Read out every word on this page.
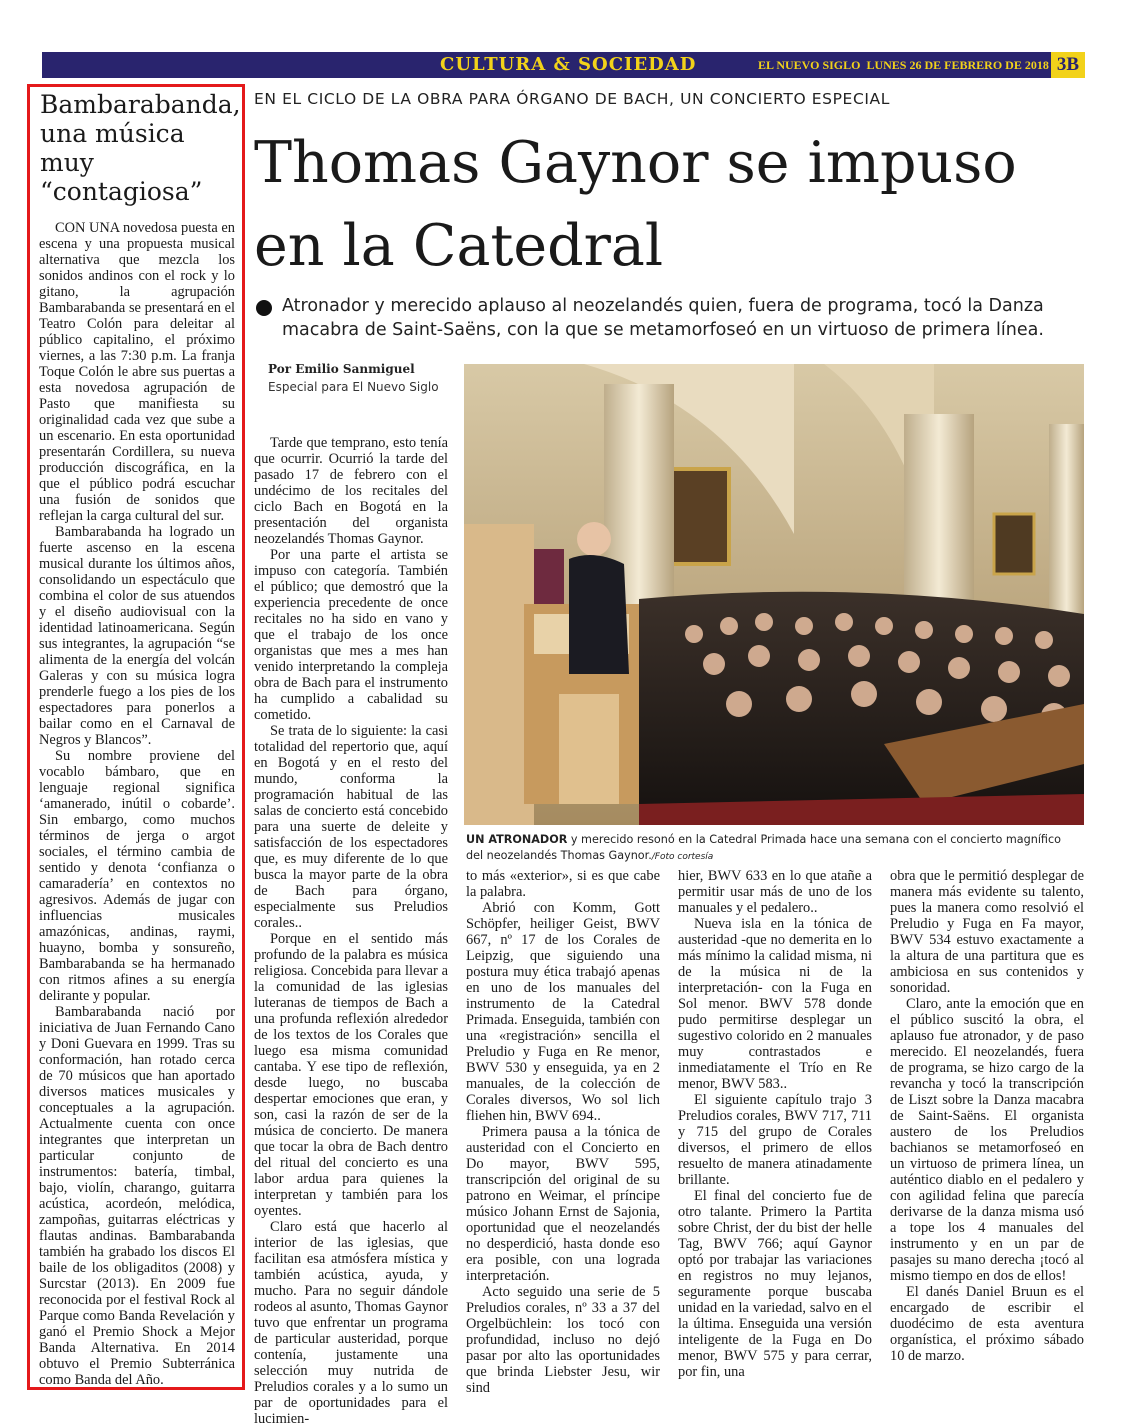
CULTURA & SOCIEDAD	EL NUEVO SIGLO LUNES 26 DE FEBRERO DE 2018 3B
Bambarabanda, una música muy “contagiosa”

CON UNA novedosa puesta en escena y una propuesta musical alternativa que mezcla los sonidos andinos con el rock y lo gitano, la agrupación Bambarabanda se presentará en el Teatro Colón para deleitar al público capitalino, el próximo viernes, a las 7:30 p.m. La franja Toque Colón le abre sus puertas a esta novedosa agrupación de Pasto que manifiesta su originalidad cada vez que sube a un escenario. En esta oportunidad presentarán Cordillera, su nueva producción discográfica, en la que el público podrá escuchar una fusión de sonidos que reflejan la carga cultural del sur.

Bambarabanda ha logrado un fuerte ascenso en la escena musical durante los últimos años, consolidando un espectáculo que combina el color de sus atuendos y el diseño audiovisual con la identidad latinoamericana. Según sus integrantes, la agrupación “se alimenta de la energía del volcán Galeras y con su música logra prenderle fuego a los pies de los espectadores para ponerlos a bailar como en el Carnaval de Negros y Blancos”.

Su nombre proviene del vocablo bámbaro, que en lenguaje regional significa ‘amanerado, inútil o cobarde’. Sin embargo, como muchos términos de jerga o argot sociales, el término cambia de sentido y denota ‘confianza o camaradería’ en contextos no agresivos. Además de jugar con influencias musicales amazónicas, andinas, raymi, huayno, bomba y sonsureño, Bambarabanda se ha hermanado con ritmos afines a su energía delirante y popular.

Bambarabanda nació por iniciativa de Juan Fernando Cano y Doni Guevara en 1999. Tras su conformación, han rotado cerca de 70 músicos que han aportado diversos matices musicales y conceptuales a la agrupación. Actualmente cuenta con once integrantes que interpretan un particular conjunto de instrumentos: batería, timbal, bajo, violín, charango, guitarra acústica, acordeón, melódica, zampoñas, guitarras eléctricas y flautas andinas. Bambarabanda también ha grabado los discos El baile de los obligaditos (2008) y Surcstar (2013). En 2009 fue reconocida por el festival Rock al Parque como Banda Revelación y ganó el Premio Shock a Mejor Banda Alternativa. En 2014 obtuvo el Premio Subterránica como Banda del Año.

EN EL CICLO DE LA OBRA PARA ÓRGANO DE BACH, UN CONCIERTO ESPECIAL
Thomas Gaynor se impuso en la Catedral
Atronador y merecido aplauso al neozelandés quien, fuera de programa, tocó la Danza macabra de Saint-Saëns, con la que se metamorfoseó en un virtuoso de primera línea.
Por Emilio Sanmiguel
Especial para El Nuevo Siglo
UN ATRONADOR y merecido resonó en la Catedral Primada hace una semana con el concierto magnífico del neozelandés Thomas Gaynor./Foto cortesía

Tarde que temprano, esto tenía que ocurrir. Ocurrió la tarde del pasado 17 de febrero con el undécimo de los recitales del ciclo Bach en Bogotá en la presentación del organista neozelandés Thomas Gaynor.

Por una parte el artista se impuso con categoría. También el público; que demostró que la experiencia precedente de once recitales no ha sido en vano y que el trabajo de los once organistas que mes a mes han venido interpretando la compleja obra de Bach para el instrumento ha cumplido a cabalidad su cometido.

Se trata de lo siguiente: la casi totalidad del repertorio que, aquí en Bogotá y en el resto del mundo, conforma la programación habitual de las salas de concierto está concebido para una suerte de deleite y satisfacción de los espectadores que, es muy diferente de lo que busca la mayor parte de la obra de Bach para órgano, especialmente sus Preludios corales..

Porque en el sentido más profundo de la palabra es música religiosa. Concebida para llevar a la comunidad de las iglesias luteranas de tiempos de Bach a una profunda reflexión alrededor de los textos de los Corales que luego esa misma comunidad cantaba. Y ese tipo de reflexión, desde luego, no buscaba despertar emociones que eran, y son, casi la razón de ser de la música de concierto. De manera que tocar la obra de Bach dentro del ritual del concierto es una labor ardua para quienes la interpretan y también para los oyentes.

Claro está que hacerlo al interior de las iglesias, que facilitan esa atmósfera mística y también acústica, ayuda, y mucho. Para no seguir dándole rodeos al asunto, Thomas Gaynor tuvo que enfrentar un programa de particular austeridad, porque contenía, justamente una selección muy nutrida de Preludios corales y a lo sumo un par de oportunidades para el lucimien-

to más «exterior», si es que cabe la palabra.

Abrió con Komm, Gott Schöpfer, heiliger Geist, BWV 667, nº 17 de los Corales de Leipzig, que siguiendo una postura muy ética trabajó apenas en uno de los manuales del instrumento de la Catedral Primada. Enseguida, también con una «registración» sencilla el Preludio y Fuga en Re menor, BWV 530 y enseguida, ya en 2 manuales, de la colección de Corales diversos, Wo sol lich fliehen hin, BWV 694..

Primera pausa a la tónica de austeridad con el Concierto en Do mayor, BWV 595, transcripción del original de su patrono en Weimar, el príncipe músico Johann Ernst de Sajonia, oportunidad que el neozelandés no desperdició, hasta donde eso era posible, con una lograda interpretación.

Acto seguido una serie de 5 Preludios corales, nº 33 a 37 del Orgelbüchlein: los tocó con profundidad, incluso no dejó pasar por alto las oportunidades que brinda Liebster Jesu, wir sind

hier, BWV 633 en lo que atañe a permitir usar más de uno de los manuales y el pedalero..

Nueva isla en la tónica de austeridad -que no demerita en lo más mínimo la calidad misma, ni de la música ni de la interpretación- con la Fuga en Sol menor. BWV 578 donde pudo permitirse desplegar un sugestivo colorido en 2 manuales muy contrastados e inmediatamente el Trío en Re menor, BWV 583..

El siguiente capítulo trajo 3 Preludios corales, BWV 717, 711 y 715 del grupo de Corales diversos, el primero de ellos resuelto de manera atinadamente brillante.

El final del concierto fue de otro talante. Primero la Partita sobre Christ, der du bist der helle Tag, BWV 766; aquí Gaynor optó por trabajar las variaciones en registros no muy lejanos, seguramente porque buscaba unidad en la variedad, salvo en el la última. Enseguida una versión inteligente de la Fuga en Do menor, BWV 575 y para cerrar, por fin, una

obra que le permitió desplegar de manera más evidente su talento, pues la manera como resolvió el Preludio y Fuga en Fa mayor, BWV 534 estuvo exactamente a la altura de una partitura que es ambiciosa en sus contenidos y sonoridad.

Claro, ante la emoción que en el público suscitó la obra, el aplauso fue atronador, y de paso merecido. El neozelandés, fuera de programa, se hizo cargo de la revancha y tocó la transcripción de Liszt sobre la Danza macabra de Saint-Saëns. El organista austero de los Preludios bachianos se metamorfoseó en un virtuoso de primera línea, un auténtico diablo en el pedalero y con agilidad felina que parecía derivarse de la danza misma usó a tope los 4 manuales del instrumento y en un par de pasajes su mano derecha ¡tocó al mismo tiempo en dos de ellos!

El danés Daniel Bruun es el encargado de escribir el duodécimo de esta aventura organística, el próximo sábado 10 de marzo.
